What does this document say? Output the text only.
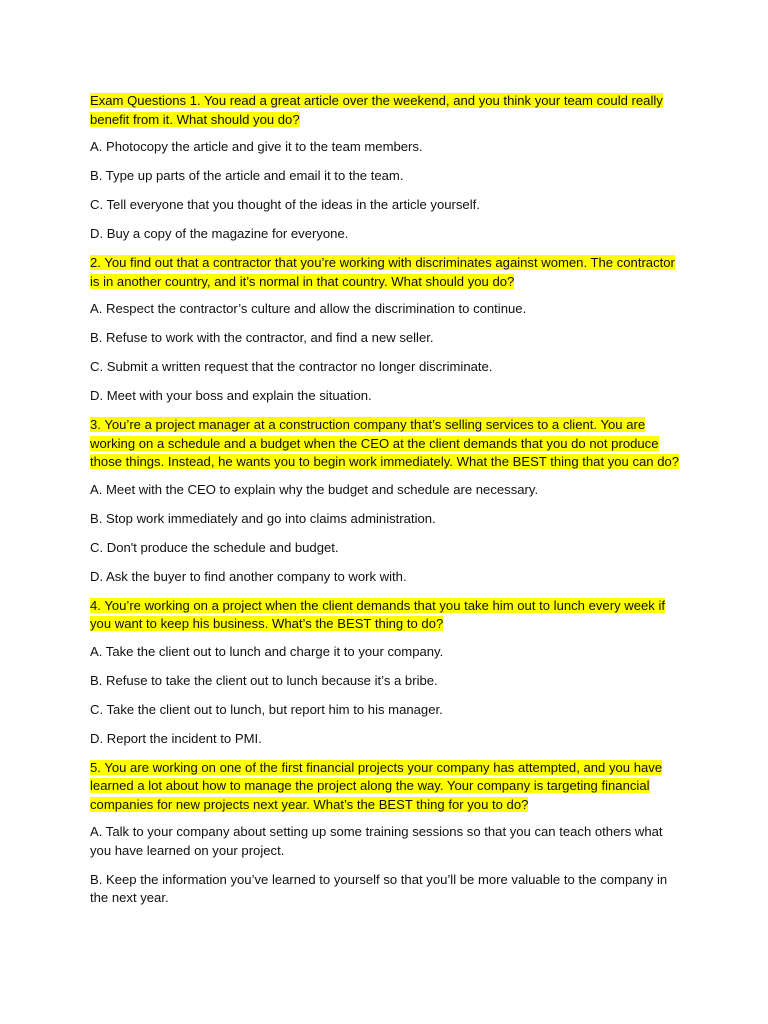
Exam Questions 1. You read a great article over the weekend, and you think your team could really benefit from it. What should you do?

A. Photocopy the article and give it to the team members.

B. Type up parts of the article and email it to the team.

C. Tell everyone that you thought of the ideas in the article yourself.

D. Buy a copy of the magazine for everyone.

2. You find out that a contractor that you’re working with discriminates against women. The contractor is in another country, and it’s normal in that country. What should you do?

A. Respect the contractor’s culture and allow the discrimination to continue.

B. Refuse to work with the contractor, and find a new seller.

C. Submit a written request that the contractor no longer discriminate.

D. Meet with your boss and explain the situation.

3. You’re a project manager at a construction company that’s selling services to a client. You are working on a schedule and a budget when the CEO at the client demands that you do not produce those things. Instead, he wants you to begin work immediately. What the BEST thing that you can do?

A. Meet with the CEO to explain why the budget and schedule are necessary.

B. Stop work immediately and go into claims administration.

C. Don't produce the schedule and budget.

D. Ask the buyer to find another company to work with.

4. You’re working on a project when the client demands that you take him out to lunch every week if you want to keep his business. What’s the BEST thing to do?

A. Take the client out to lunch and charge it to your company.

B. Refuse to take the client out to lunch because it’s a bribe.

C. Take the client out to lunch, but report him to his manager.

D. Report the incident to PMI.

5. You are working on one of the first financial projects your company has attempted, and you have learned a lot about how to manage the project along the way. Your company is targeting financial companies for new projects next year. What’s the BEST thing for you to do?

A. Talk to your company about setting up some training sessions so that you can teach others what you have learned on your project.

B. Keep the information you’ve learned to yourself so that you’ll be more valuable to the company in the next year.
